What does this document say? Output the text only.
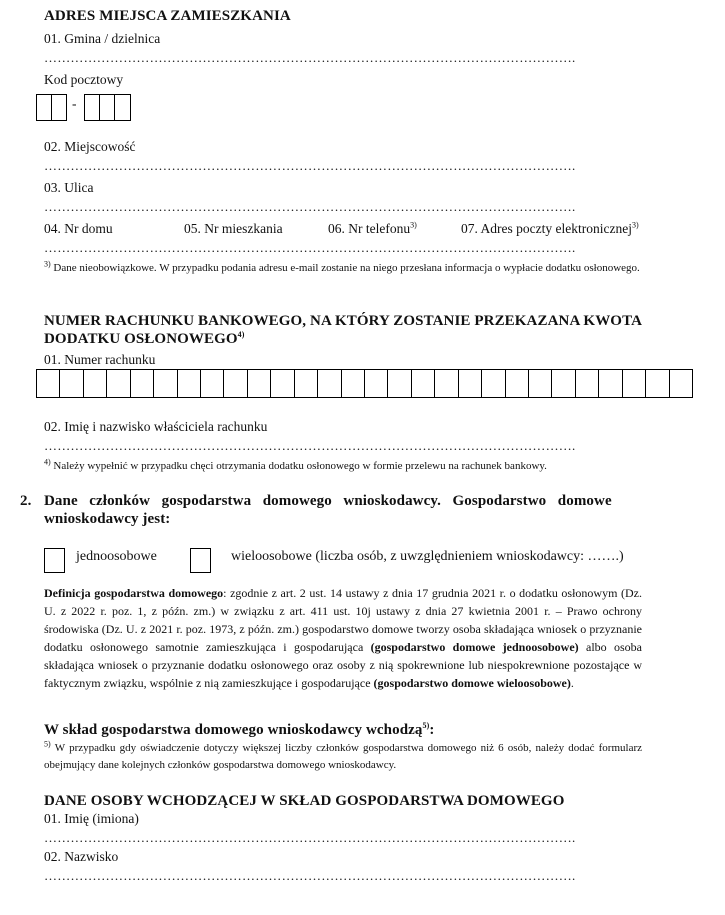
ADRES MIEJSCA ZAMIESZKANIA
01. Gmina / dzielnica
………………………………………………………………………………………………………….
Kod pocztowy
-
02. Miejscowość
………………………………………………………………………………………………………….
03. Ulica
………………………………………………………………………………………………………….
04. Nr domu	05. Nr mieszkania	06. Nr telefonu$^{3)}$	07. Adres poczty elektronicznej$^{3)}$
………………………………………………………………………………………………………….
$^{3)}$ Dane nieobowiązkowe. W przypadku podania adresu e-mail zostanie na niego przesłana informacja o wypłacie dodatku osłonowego.
NUMER RACHUNKU BANKOWEGO, NA KTÓRY ZOSTANIE PRZEKAZANA KWOTA
DODATKU OSŁONOWEGO$^{4)}$
01. Numer rachunku
02. Imię i nazwisko właściciela rachunku
………………………………………………………………………………………………………….
$^{4)}$ Należy wypełnić w przypadku chęci otrzymania dodatku osłonowego w formie przelewu na rachunek bankowy.
2. Dane   członków   gospodarstwa   domowego   wnioskodawcy.   Gospodarstwo   domowe
wnioskodawcy jest:
jednoosobowe	wieloosobowe (liczba osób, z uwzględnieniem wnioskodawcy: …….)
Definicja gospodarstwa domowego: zgodnie z art. 2 ust. 14 ustawy z dnia 17 grudnia 2021 r. o dodatku osłonowym (Dz. U. z 2022 r. poz. 1, z późn. zm.) w związku z art. 411 ust. 10j ustawy z dnia 27 kwietnia 2001 r. – Prawo ochrony środowiska (Dz. U. z 2021 r. poz. 1973, z późn. zm.) gospodarstwo domowe tworzy osoba składająca wniosek o przyznanie dodatku osłonowego samotnie zamieszkująca i gospodarująca (gospodarstwo domowe jednoosobowe) albo osoba składająca wniosek o przyznanie dodatku osłonowego oraz osoby z nią spokrewnione lub niespokrewnione pozostające w faktycznym związku, wspólnie z nią zamieszkujące i gospodarujące (gospodarstwo domowe wieloosobowe).
W skład gospodarstwa domowego wnioskodawcy wchodzą$^{5)}$:
$^{5)}$ W przypadku gdy oświadczenie dotyczy większej liczby członków gospodarstwa domowego niż 6 osób, należy dodać formularz obejmujący dane kolejnych członków gospodarstwa domowego wnioskodawcy.
DANE OSOBY WCHODZĄCEJ W SKŁAD GOSPODARSTWA DOMOWEGO
01. Imię (imiona)
………………………………………………………………………………………………………….
02. Nazwisko
………………………………………………………………………………………………………….
